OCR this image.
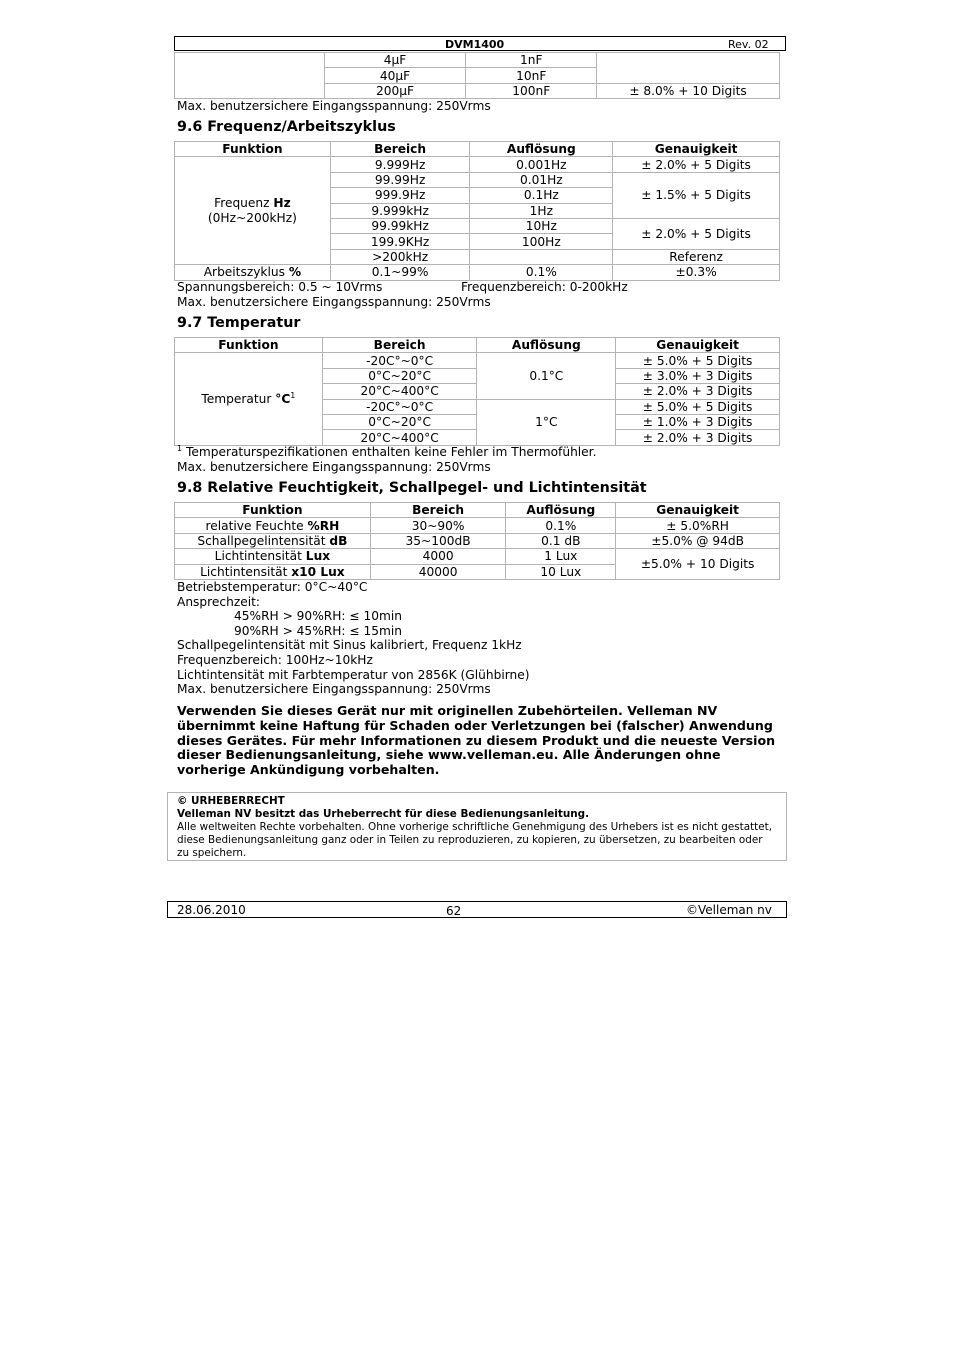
DVM1400	Rev. 02
	4µF	1nF	
	40µF	10nF	
	200µF	100nF	± 8.0% + 10 Digits
Max. benutzersichere Eingangsspannung: 250Vrms
9.6 Frequenz/Arbeitszyklus
Funktion	Bereich	Auflösung	Genauigkeit
Frequenz Hz
(0Hz~200kHz)	9.999Hz	0.001Hz	± 2.0% + 5 Digits
	99.99Hz	0.01Hz	± 1.5% + 5 Digits
	999.9Hz	0.1Hz	
	9.999kHz	1Hz	
	99.99kHz	10Hz	± 2.0% + 5 Digits
	199.9KHz	100Hz	
	>200kHz		Referenz
Arbeitszyklus %	0.1~99%	0.1%	±0.3%
Spannungsbereich: 0.5 ~ 10Vrms	Frequenzbereich: 0-200kHz
Max. benutzersichere Eingangsspannung: 250Vrms
9.7 Temperatur
Funktion	Bereich	Auflösung	Genauigkeit
Temperatur $^\circ C^1$	-20C°~0°C	0.1°C	± 5.0% + 5 Digits
	0°C~20°C		± 3.0% + 3 Digits
	20°C~400°C		± 2.0% + 3 Digits
	-20C°~0°C	1°C	± 5.0% + 5 Digits
	0°C~20°C		± 1.0% + 3 Digits
	20°C~400°C		± 2.0% + 3 Digits
$^1$ Temperaturspezifikationen enthalten keine Fehler im Thermofühler.
Max. benutzersichere Eingangsspannung: 250Vrms
9.8 Relative Feuchtigkeit, Schallpegel- und Lichtintensität
Funktion	Bereich	Auflösung	Genauigkeit
relative Feuchte %RH	30~90%	0.1%	± 5.0%RH
Schallpegelintensität dB	35~100dB	0.1 dB	±5.0% @ 94dB
Lichtintensität Lux	4000	1 Lux	±5.0% + 10 Digits
Lichtintensität x10 Lux	40000	10 Lux	
Betriebstemperatur: 0°C~40°C
Ansprechzeit:
45%RH > 90%RH: ≤ 10min
90%RH > 45%RH: ≤ 15min
Schallpegelintensität mit Sinus kalibriert, Frequenz 1kHz
Frequenzbereich: 100Hz~10kHz
Lichtintensität mit Farbtemperatur von 2856K (Glühbirne)
Max. benutzersichere Eingangsspannung: 250Vrms
Verwenden Sie dieses Gerät nur mit originellen Zubehörteilen. Velleman NV übernimmt keine Haftung für Schaden oder Verletzungen bei (falscher) Anwendung dieses Gerätes. Für mehr Informationen zu diesem Produkt und die neueste Version dieser Bedienungsanleitung, siehe www.velleman.eu. Alle Änderungen ohne vorherige Ankündigung vorbehalten.
© URHEBERRECHT
Velleman NV besitzt das Urheberrecht für diese Bedienungsanleitung.
Alle weltweiten Rechte vorbehalten. Ohne vorherige schriftliche Genehmigung des Urhebers ist es nicht gestattet, diese Bedienungsanleitung ganz oder in Teilen zu reproduzieren, zu kopieren, zu übersetzen, zu bearbeiten oder zu speichern.
28.06.2010	62	©Velleman nv
